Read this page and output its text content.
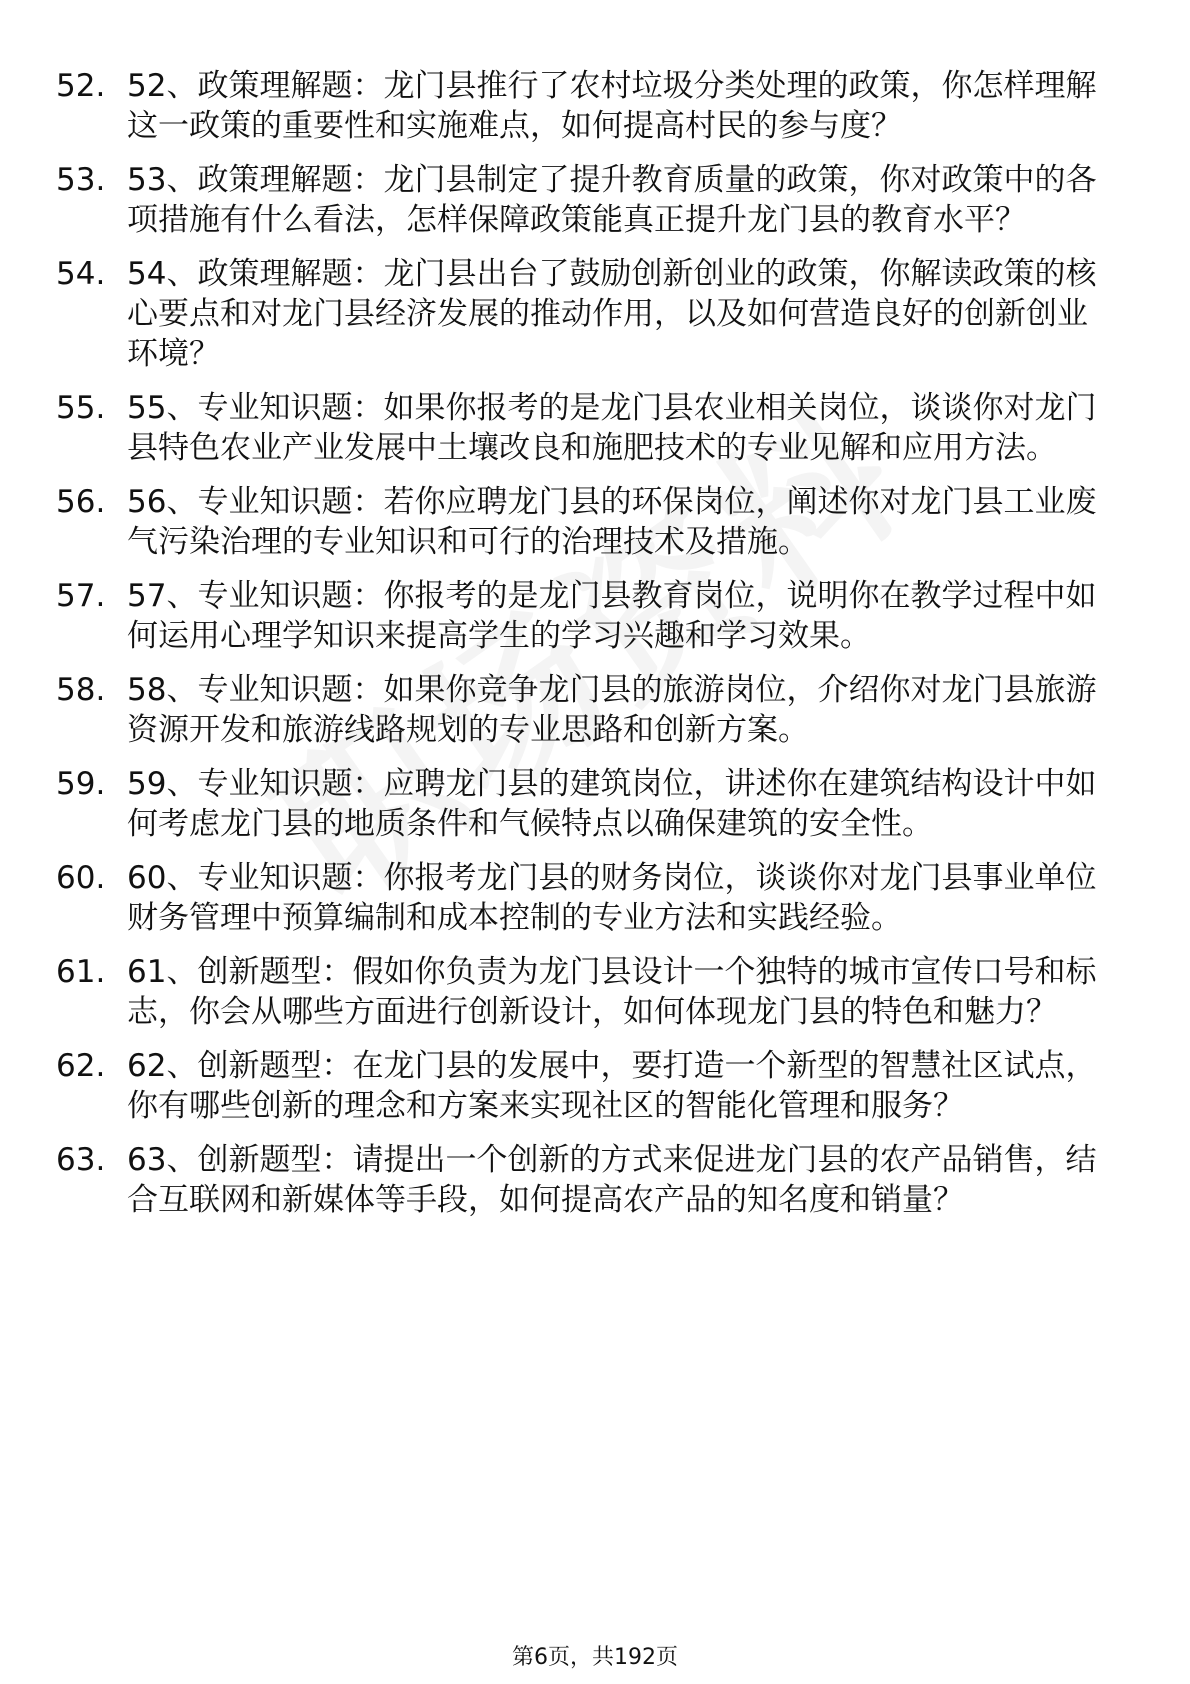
52. 52、政策理解题：龙门县推行了农村垃圾分类处理的政策，你怎样理解这一政策的重要性和实施难点，如何提高村民的参与度？
53. 53、政策理解题：龙门县制定了提升教育质量的政策，你对政策中的各项措施有什么看法，怎样保障政策能真正提升龙门县的教育水平？
54. 54、政策理解题：龙门县出台了鼓励创新创业的政策，你解读政策的核心要点和对龙门县经济发展的推动作用，以及如何营造良好的创新创业环境？
55. 55、专业知识题：如果你报考的是龙门县农业相关岗位，谈谈你对龙门县特色农业产业发展中土壤改良和施肥技术的专业见解和应用方法。
56. 56、专业知识题：若你应聘龙门县的环保岗位，阐述你对龙门县工业废气污染治理的专业知识和可行的治理技术及措施。
57. 57、专业知识题：你报考的是龙门县教育岗位，说明你在教学过程中如何运用心理学知识来提高学生的学习兴趣和学习效果。
58. 58、专业知识题：如果你竞争龙门县的旅游岗位，介绍你对龙门县旅游资源开发和旅游线路规划的专业思路和创新方案。
59. 59、专业知识题：应聘龙门县的建筑岗位，讲述你在建筑结构设计中如何考虑龙门县的地质条件和气候特点以确保建筑的安全性。
60. 60、专业知识题：你报考龙门县的财务岗位，谈谈你对龙门县事业单位财务管理中预算编制和成本控制的专业方法和实践经验。
61. 61、创新题型：假如你负责为龙门县设计一个独特的城市宣传口号和标志，你会从哪些方面进行创新设计，如何体现龙门县的特色和魅力？
62. 62、创新题型：在龙门县的发展中，要打造一个新型的智慧社区试点，你有哪些创新的理念和方案来实现社区的智能化管理和服务？
63. 63、创新题型：请提出一个创新的方式来促进龙门县的农产品销售，结合互联网和新媒体等手段，如何提高农产品的知名度和销量？
第6页，共192页
